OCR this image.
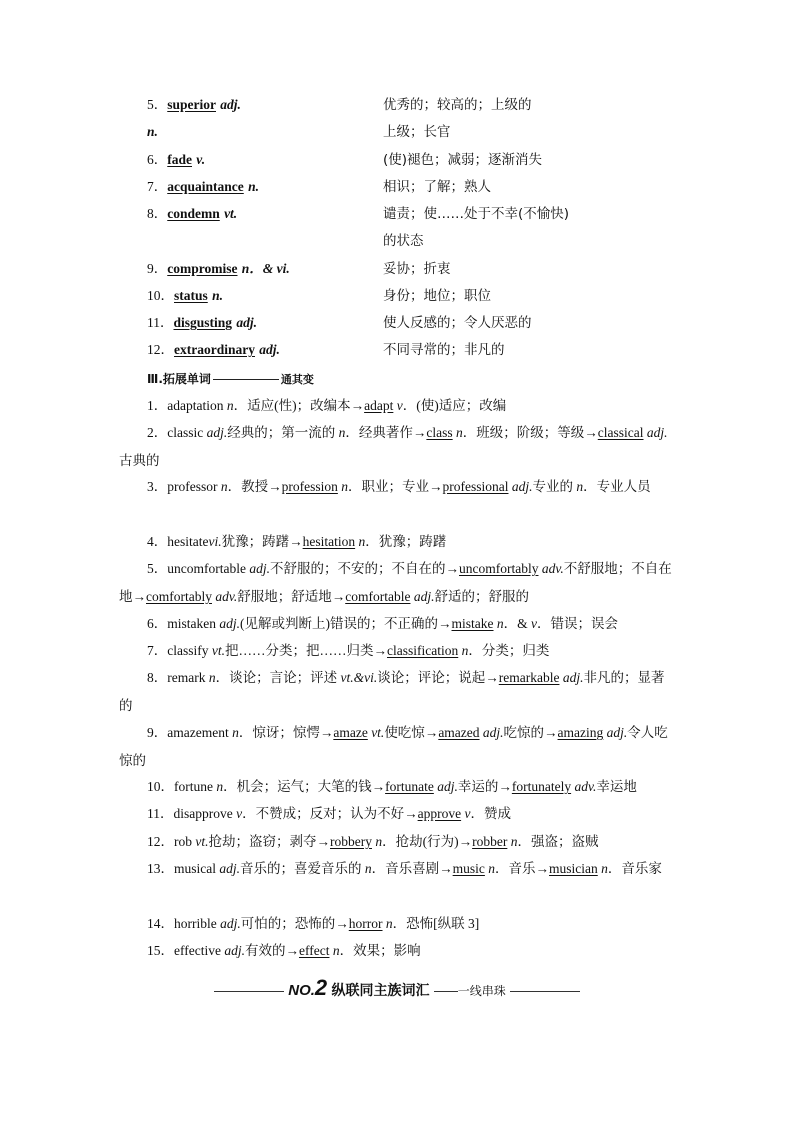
5．superior adj.	优秀的；较高的；上级的
n.	上级；长官
6．fade v.	(使)褪色；减弱；逐渐消失
7．acquaintance n.	相识；了解；熟人
8．condemn vt.	谴责；使……处于不幸(不愉快)
的状态
9．compromise n．& vi.	妥协；折衷
10．status n.	身份；地位；职位
11．disgusting adj.	使人反感的；令人厌恶的
12．extraordinary adj.	不同寻常的；非凡的
Ⅲ.拓展单词	通其变
1．adaptation n．适应(性)；改编本→adapt v．(使)适应；改编
2．classic adj.经典的；第一流的 n．经典著作→class n．班级；阶级；等级→classical adj.古典的
3．professor n．教授→profession n．职业；专业→professional adj.专业的 n．专业人员
4．hesitatevi.犹豫；踌躇→hesitation n．犹豫；踌躇
5．uncomfortable adj.不舒服的；不安的；不自在的→uncomfortably adv.不舒服地；不自在地→comfortably adv.舒服地；舒适地→comfortable adj.舒适的；舒服的
6．mistaken adj.(见解或判断上)错误的；不正确的→mistake n．& v．错误；误会
7．classify vt.把……分类；把……归类→classification n．分类；归类
8．remark n．谈论；言论；评述 vt.&vi.谈论；评论；说起→remarkable adj.非凡的；显著的
9．amazement n．惊讶；惊愕→amaze vt.使吃惊→amazed adj.吃惊的→amazing adj.令人吃惊的
10．fortune n．机会；运气；大笔的钱→fortunate adj.幸运的→fortunately adv.幸运地
11．disapprove v．不赞成；反对；认为不好→approve v．赞成
12．rob vt.抢劫；盗窃；剥夺→robbery n．抢劫(行为)→robber n．强盗；盗贼
13．musical adj.音乐的；喜爱音乐的 n．音乐喜剧→music n．音乐→musician n．音乐家
14．horrible adj.可怕的；恐怖的→horror n．恐怖[纵联 3]
15．effective adj.有效的→effect n．效果；影响
NO.2 纵联同主族词汇 一线串珠
